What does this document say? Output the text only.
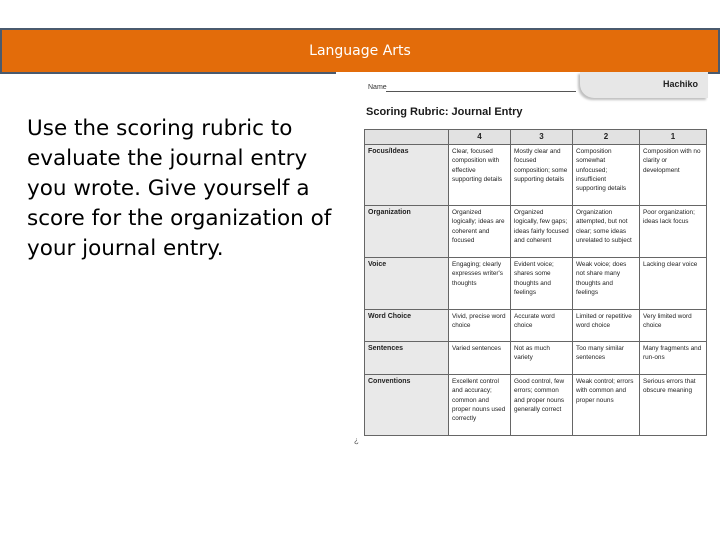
Language Arts
Use the scoring rubric to evaluate the journal entry you wrote. Give yourself a score for the organization of your journal entry.
Name	Hachiko
Scoring Rubric: Journal Entry
	4	3	2	1
Focus/Ideas	Clear, focused composition with effective supporting details	Mostly clear and focused composition; some supporting details	Composition somewhat unfocused; insufficient supporting details	Composition with no clarity or development
Organization	Organized logically; ideas are coherent and focused	Organized logically, few gaps; ideas fairly focused and coherent	Organization attempted, but not clear; some ideas unrelated to subject	Poor organization; ideas lack focus
Voice	Engaging; clearly expresses writer's thoughts	Evident voice; shares some thoughts and feelings	Weak voice; does not share many thoughts and feelings	Lacking clear voice
Word Choice	Vivid, precise word choice	Accurate word choice	Limited or repetitive word choice	Very limited word choice
Sentences	Varied sentences	Not as much variety	Too many similar sentences	Many fragments and run-ons
Conventions	Excellent control and accuracy; common and proper nouns used correctly	Good control, few errors; common and proper nouns generally correct	Weak control; errors with common and proper nouns	Serious errors that obscure meaning
¿
